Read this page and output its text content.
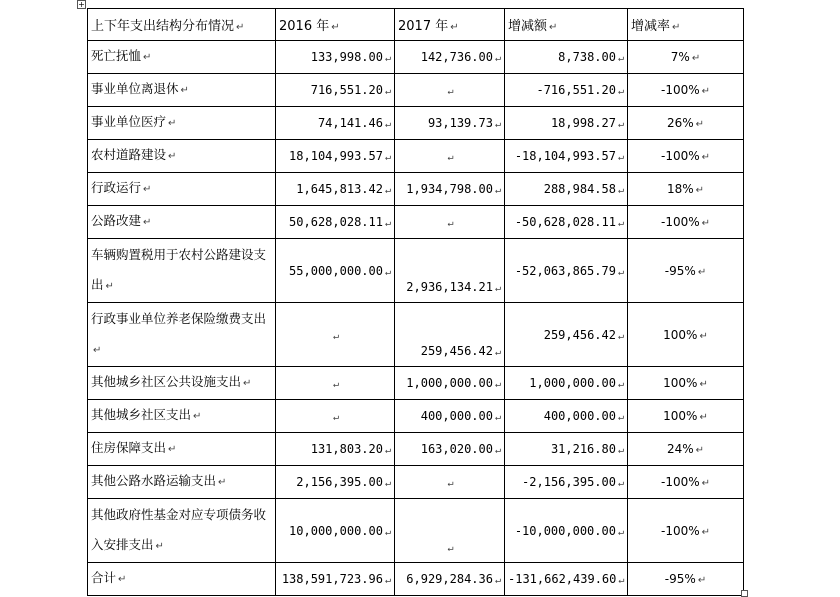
+
上下年支出结构分布情况 ↵	2016 年 ↵	2017 年 ↵	增减额 ↵	增减率 ↵
死亡抚恤 ↵	133,998.00 ↵	142,736.00 ↵	8,738.00 ↵	7% ↵
事业单位离退休 ↵	716,551.20 ↵	↵	-716,551.20 ↵	-100% ↵
事业单位医疗 ↵	74,141.46 ↵	93,139.73 ↵	18,998.27 ↵	26% ↵
农村道路建设 ↵	18,104,993.57 ↵	↵	-18,104,993.57 ↵	-100% ↵
行政运行 ↵	1,645,813.42 ↵	1,934,798.00 ↵	288,984.58 ↵	18% ↵
公路改建 ↵	50,628,028.11 ↵	↵	-50,628,028.11 ↵	-100% ↵
车辆购置税用于农村公路建设支出 ↵	55,000,000.00 ↵	2,936,134.21 ↵	-52,063,865.79 ↵	-95% ↵
行政事业单位养老保险缴费支出↵	↵	259,456.42 ↵	259,456.42 ↵	100% ↵
其他城乡社区公共设施支出 ↵	↵	1,000,000.00 ↵	1,000,000.00 ↵	100% ↵
其他城乡社区支出 ↵	↵	400,000.00 ↵	400,000.00 ↵	100% ↵
住房保障支出 ↵	131,803.20 ↵	163,020.00 ↵	31,216.80 ↵	24% ↵
其他公路水路运输支出 ↵	2,156,395.00 ↵	↵	-2,156,395.00 ↵	-100% ↵
其他政府性基金对应专项债务收入安排支出 ↵	10,000,000.00 ↵	↵	-10,000,000.00 ↵	-100% ↵
合计 ↵	138,591,723.96 ↵	6,929,284.36 ↵	-131,662,439.60 ↵	-95% ↵
